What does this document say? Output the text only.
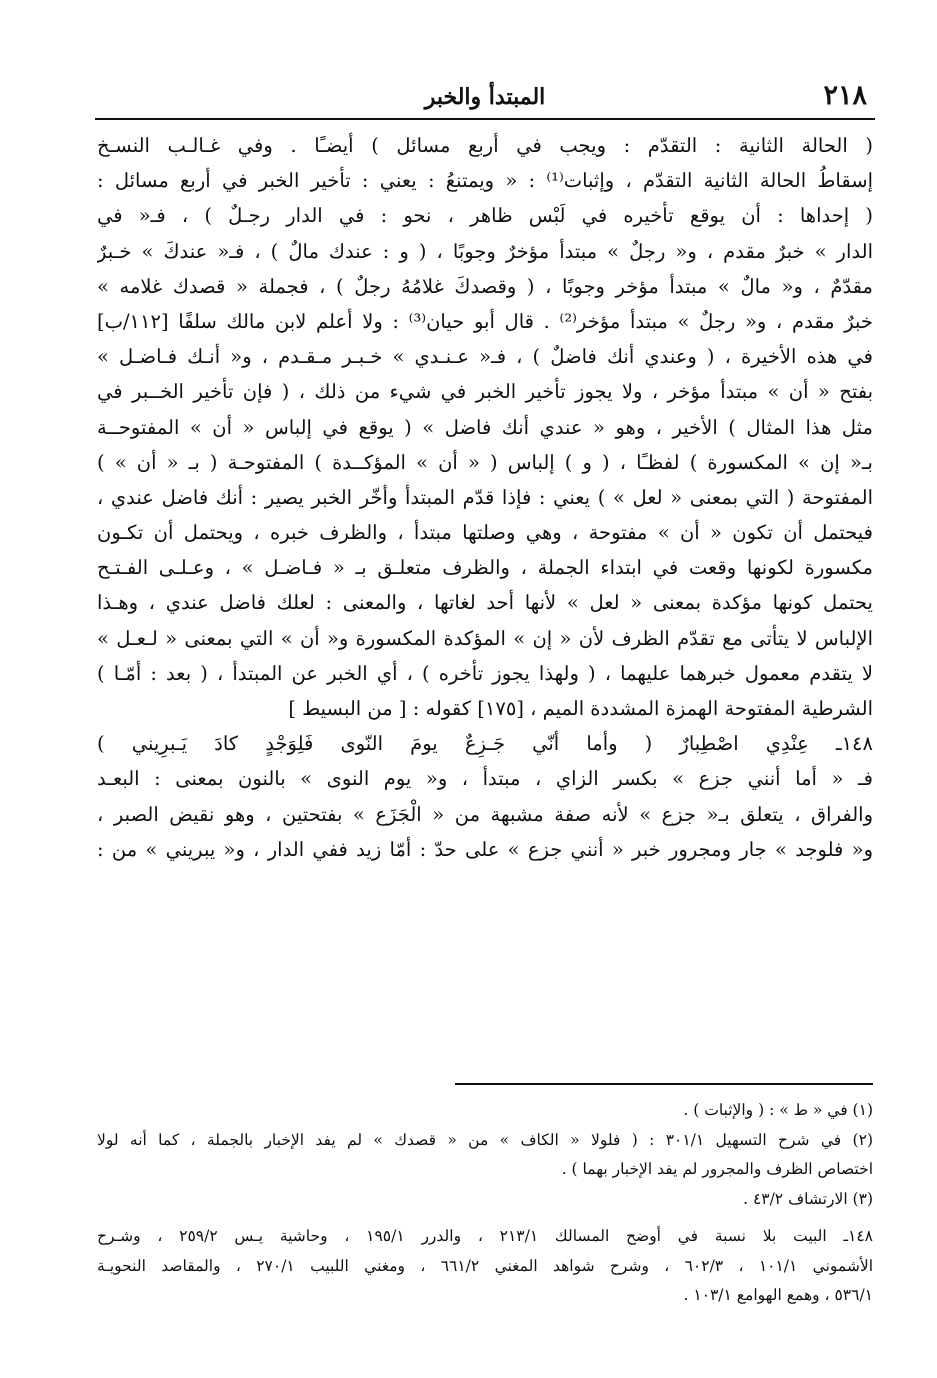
٢١٨
المبتدأ والخبر
( الحالة الثانية : التقدّم : ويجب في أربع مسائل ) أيضـًا . وفي غـالـب النسـخ
إسقاطُ الحالة الثانية التقدّم ، وإثبات⁽¹⁾ : « ويمتنعُ : يعني : تأخير الخبر في أربع مسائل :
( إحداها : أن يوقع تأخيره في لَبْس ظاهر ، نحو : في الدار رجـلٌ ) ، فـ« في
الدار » خبرٌ مقدم ، و« رجلٌ » مبتدأ مؤخرٌ وجوبًا ، ( و : عندك مالٌ ) ، فـ« عندكَ » خـبرٌ
مقدّمٌ ، و« مالٌ » مبتدأ مؤخر وجوبًا ، ( وقصدكَ غلامُهُ رجلٌ ) ، فجملة « قصدك غلامه »
خبرٌ مقدم ، و« رجلٌ » مبتدأ مؤخر⁽²⁾ . قال أبو حيان⁽³⁾ : ولا أعلم لابن مالك سلفًا [١١٢/ب]
في هذه الأخيرة ، ( وعندي أنك فاضلٌ ) ، فـ« عـنـدي » خـبـر مـقـدم ، و« أنـك فـاضـل »
بفتح « أن » مبتدأ مؤخر ، ولا يجوز تأخير الخبر في شيء من ذلك ، ( فإن تأخير الخــبر في
مثل هذا المثال ) الأخير ، وهو « عندي أنك فاضل » ( يوقع في إلباس « أن » المفتوحــة
بـ« إن » المكسورة ) لفظـًا ، ( و ) إلباس ( « أن » المؤكــدة ) المفتوحـة ( بـ « أن » )
المفتوحة ( التي بمعنى « لعل » ) يعني : فإذا قدّم المبتدأ وأخّر الخبر يصير : أنك فاضل عندي ،
فيحتمل أن تكون « أن » مفتوحة ، وهي وصلتها مبتدأ ، والظرف خبره ، ويحتمل أن تكـون
مكسورة لكونها وقعت في ابتداء الجملة ، والظرف متعلـق بـ « فـاضـل » ، وعـلـى الفـتـح
يحتمل كونها مؤكدة بمعنى « لعل » لأنها أحد لغاتها ، والمعنى : لعلك فاضل عندي ، وهـذا
الإلباس لا يتأتى مع تقدّم الظرف لأن « إن » المؤكدة المكسورة و« أن » التي بمعنى « لـعـل »
لا يتقدم معمول خبرهما عليهما ، ( ولهذا يجوز تأخره ) ، أي الخبر عن المبتدأ ، ( بعد : أمّـا )
الشرطية المفتوحة الهمزة المشددة الميم ، [١٧٥] كقوله : [ من البسيط ]
١٤٨ـ عِنْدِي اصْطِبارٌ ( وأما أنّي جَـزِعٌ يومَ النّوى فَلِوَجْدٍ كادَ يَـبرِيني )
فـ « أما أنني جزع » بكسر الزاي ، مبتدأ ، و« يوم النوى » بالنون بمعنى : البعـد
والفراق ، يتعلق بـ« جزع » لأنه صفة مشبهة من « الْجَزَع » بفتحتين ، وهو نقيض الصبر ،
و« فلوجد » جار ومجرور خبر « أنني جزع » على حدّ : أمّا زيد ففي الدار ، و« يبريني » من :
(١) في « ط » : ( والإثبات ) .
(٢) في شرح التسهيل ٣٠١/١ : ( فلولا « الكاف » من « قصدك » لم يفد الإخبار بالجملة ، كما أنه لولا
اختصاص الظرف والمجرور لم يفد الإخبار بهما ) .
(٣) الارتشاف ٤٣/٢ .
١٤٨ـ البيت بلا نسبة في أوضح المسالك ٢١٣/١ ، والدرر ١٩٥/١ ، وحاشية يـس ٢٥٩/٢ ، وشـرح
الأشموني ١٠١/١ ، ٦٠٢/٣ ، وشرح شواهد المغني ٦٦١/٢ ، ومغني اللبيب ٢٧٠/١ ، والمقاصد النحويـة
٥٣٦/١ ، وهمع الهوامع ١٠٣/١ .
